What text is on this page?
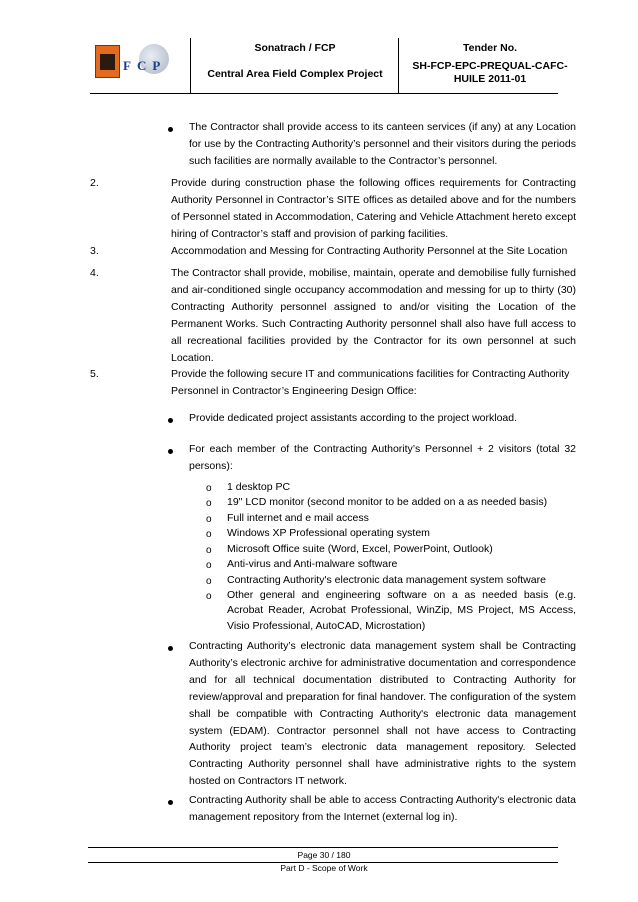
FCP
Sonatrach / FCP
Central Area Field Complex Project
Tender No.
SH-FCP-EPC-PREQUAL-CAFC-HUILE 2011-01

The Contractor shall provide access to its canteen services (if any) at any Location for use by the Contracting Authority’s personnel and their visitors during the periods such facilities are normally available to the Contractor’s personnel.

2.	Provide during construction phase the following offices requirements for Contracting Authority Personnel in Contractor’s SITE offices as detailed above and for the numbers of Personnel stated in Accommodation, Catering and Vehicle Attachment hereto except hiring of Contractor’s staff and provision of parking facilities.

3.	Accommodation and Messing for Contracting Authority Personnel at the Site Location

4.	The Contractor shall provide, mobilise, maintain, operate and demobilise fully furnished and air-conditioned single occupancy accommodation and messing for up to thirty (30) Contracting Authority personnel assigned to and/or visiting the Location of the Permanent Works. Such Contracting Authority personnel shall also have full access to all recreational facilities provided by the Contractor for its own personnel at such Location.

5.	Provide the following secure IT and communications facilities for Contracting Authority Personnel in Contractor’s Engineering Design Office:

Provide dedicated project assistants according to the project workload.

For each member of the Contracting Authority’s Personnel + 2 visitors (total 32 persons):

o 1 desktop PC
o 19" LCD monitor (second monitor to be added on a as needed basis)
o Full internet and e mail access
o Windows XP Professional operating system
o Microsoft Office suite (Word, Excel, PowerPoint, Outlook)
o Anti-virus and Anti-malware software
o Contracting Authority's electronic data management system software
o Other general and engineering software on a as needed basis (e.g. Acrobat Reader, Acrobat Professional, WinZip, MS Project, MS Access, Visio Professional, AutoCAD, Microstation)

Contracting Authority’s electronic data management system shall be Contracting Authority’s electronic archive for administrative documentation and correspondence and for all technical documentation distributed to Contracting Authority for review/approval and preparation for final handover. The configuration of the system shall be compatible with Contracting Authority's electronic data management system (EDAM). Contractor personnel shall not have access to Contracting Authority project team’s electronic data management repository. Selected Contracting Authority personnel shall have administrative rights to the system hosted on Contractors IT network.

Contracting Authority shall be able to access Contracting Authority's electronic data management repository from the Internet (external log in).

Page 30 / 180
Part D - Scope of Work
